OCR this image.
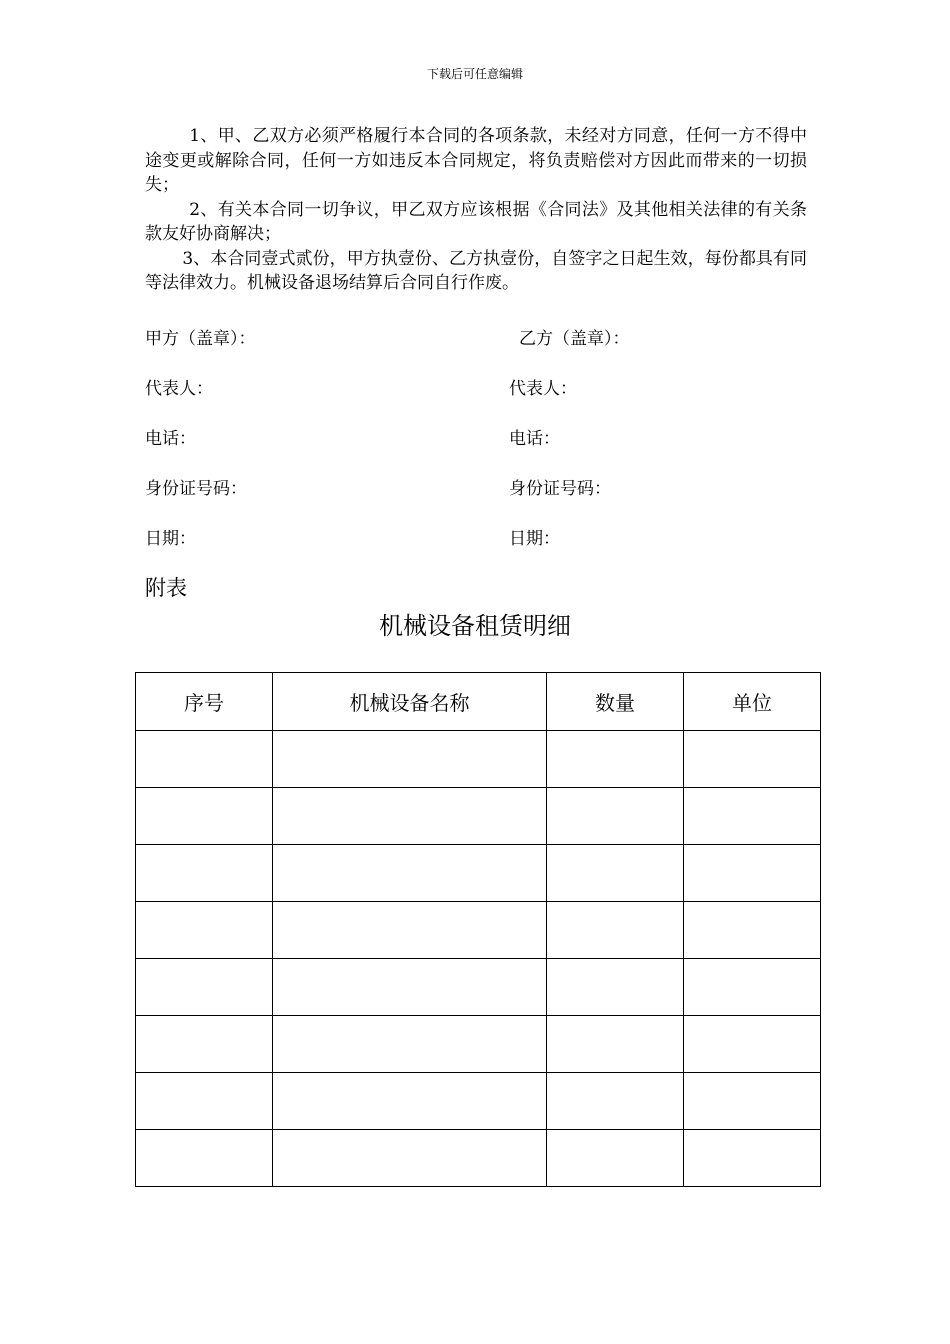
下载后可任意编辑

1、甲、乙双方必须严格履行本合同的各项条款，未经对方同意，任何一方不得中途变更或解除合同，任何一方如违反本合同规定，将负责赔偿对方因此而带来的一切损失；

2、有关本合同一切争议，甲乙双方应该根据《合同法》及其他相关法律的有关条款友好协商解决；

3、本合同壹式贰份，甲方执壹份、乙方执壹份，自签字之日起生效，每份都具有同等法律效力。机械设备退场结算后合同自行作废。

甲方（盖章）：	乙方（盖章）：
代表人：	代表人：
电话：	电话：
身份证号码：	身份证号码：
日期：	日期：
附表
机械设备租赁明细
序号	机械设备名称	数量	单位
